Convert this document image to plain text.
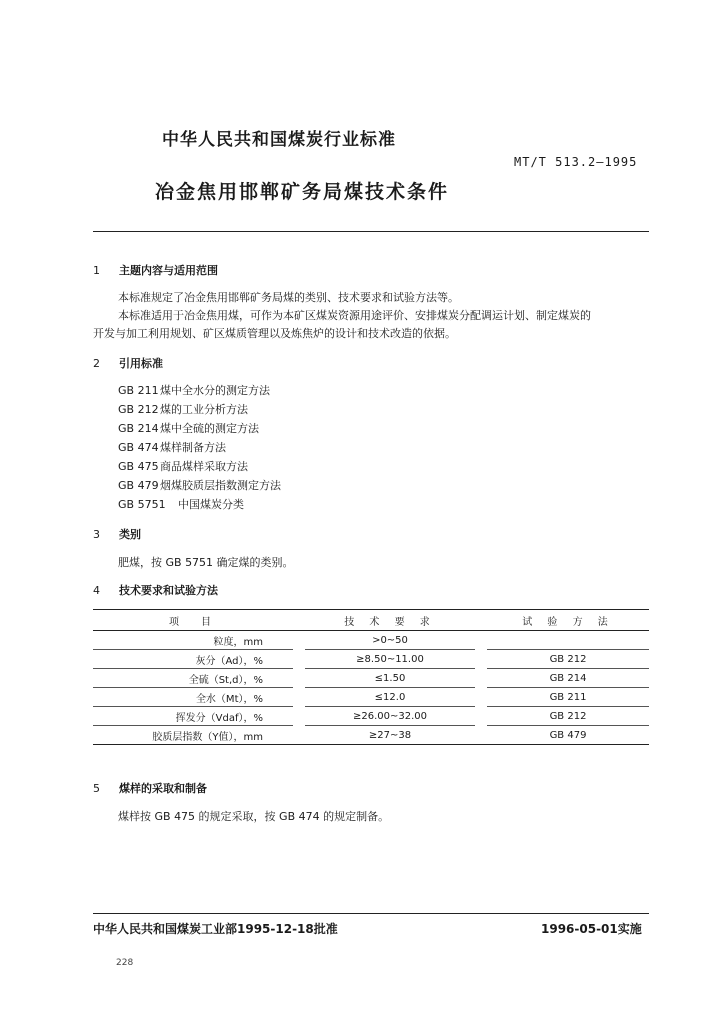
中华人民共和国煤炭行业标准
MT/T 513.2—1995
冶金焦用邯郸矿务局煤技术条件
1 主题内容与适用范围
本标准规定了冶金焦用邯郸矿务局煤的类别、技术要求和试验方法等。
本标准适用于冶金焦用煤，可作为本矿区煤炭资源用途评价、安排煤炭分配调运计划、制定煤炭的
开发与加工利用规划、矿区煤质管理以及炼焦炉的设计和技术改造的依据。
2 引用标准
GB 211煤中全水分的测定方法
GB 212煤的工业分析方法
GB 214煤中全硫的测定方法
GB 474煤样制备方法
GB 475商品煤样采取方法
GB 479烟煤胶质层指数测定方法
GB 5751 中国煤炭分类
3 类别
肥煤，按 GB 5751 确定煤的类别。
4 技术要求和试验方法
项　目		技 术 要 求		试 验 方 法
粒度，mm		>0~50		
灰分（Ad），%		≥8.50~11.00		GB 212
全硫（St,d），%		≤1.50		GB 214
全水（Mt），%		≤12.0		GB 211
挥发分（Vdaf），%		≥26.00~32.00		GB 212
胶质层指数（Y值），mm		≥27~38		GB 479
5 煤样的采取和制备
煤样按 GB 475 的规定采取，按 GB 474 的规定制备。
中华人民共和国煤炭工业部1995-12-18批准	1996-05-01实施
228
